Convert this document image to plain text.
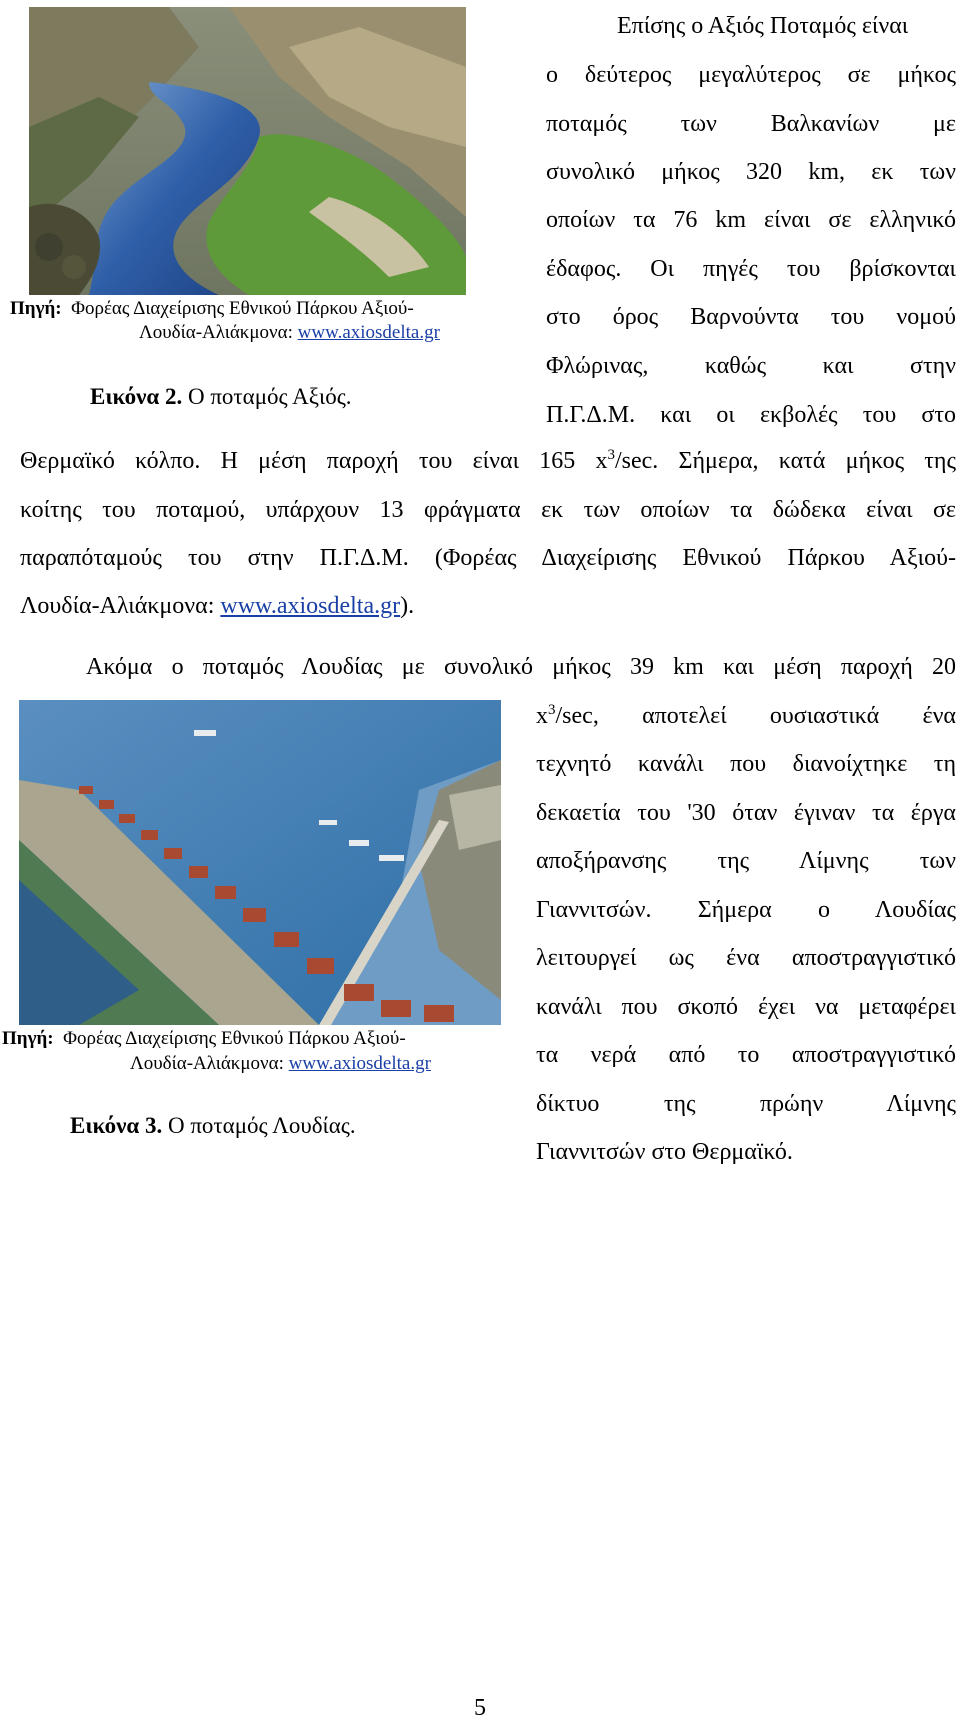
Πηγή: Φορέας Διαχείρισης Εθνικού Πάρκου Αξιού-
Λουδία-Αλιάκμονα: www.axiosdelta.gr
Εικόνα 2. Ο ποταμός Αξιός.
Επίσης ο Αξιός Ποταμός είναι
ο δεύτερος μεγαλύτερος σε μήκος
ποταμός των Βαλκανίων με
συνολικό μήκος 320 km, εκ των
οποίων τα 76 km είναι σε ελληνικό
έδαφος. Οι πηγές του βρίσκονται
στο όρος Βαρνούντα του νομού
Φλώρινας, καθώς και στην
Π.Γ.Δ.Μ. και οι εκβολές του στο
Θερμαϊκό κόλπο. Η μέση παροχή του είναι 165 $x^3/\sec$. Σήμερα, κατά μήκος της
κοίτης του ποταμού, υπάρχουν 13 φράγματα εκ των οποίων τα δώδεκα είναι σε
παραπόταμούς του στην Π.Γ.Δ.Μ. (Φορέας Διαχείρισης Εθνικού Πάρκου Αξιού-
Λουδία-Αλιάκμονα: www.axiosdelta.gr).
Ακόμα ο ποταμός Λουδίας με συνολικό μήκος 39 km και μέση παροχή 20
$x^3/\sec$, αποτελεί ουσιαστικά ένα
τεχνητό κανάλι που διανοίχτηκε τη
δεκαετία του '30 όταν έγιναν τα έργα
αποξήρανσης της Λίμνης των
Γιαννιτσών. Σήμερα ο Λουδίας
λειτουργεί ως ένα αποστραγγιστικό
κανάλι που σκοπό έχει να μεταφέρει
τα νερά από το αποστραγγιστικό
δίκτυο της πρώην Λίμνης
Γιαννιτσών στο Θερμαϊκό.
Πηγή: Φορέας Διαχείρισης Εθνικού Πάρκου Αξιού-
Λουδία-Αλιάκμονα: www.axiosdelta.gr
Εικόνα 3. Ο ποταμός Λουδίας.
5
